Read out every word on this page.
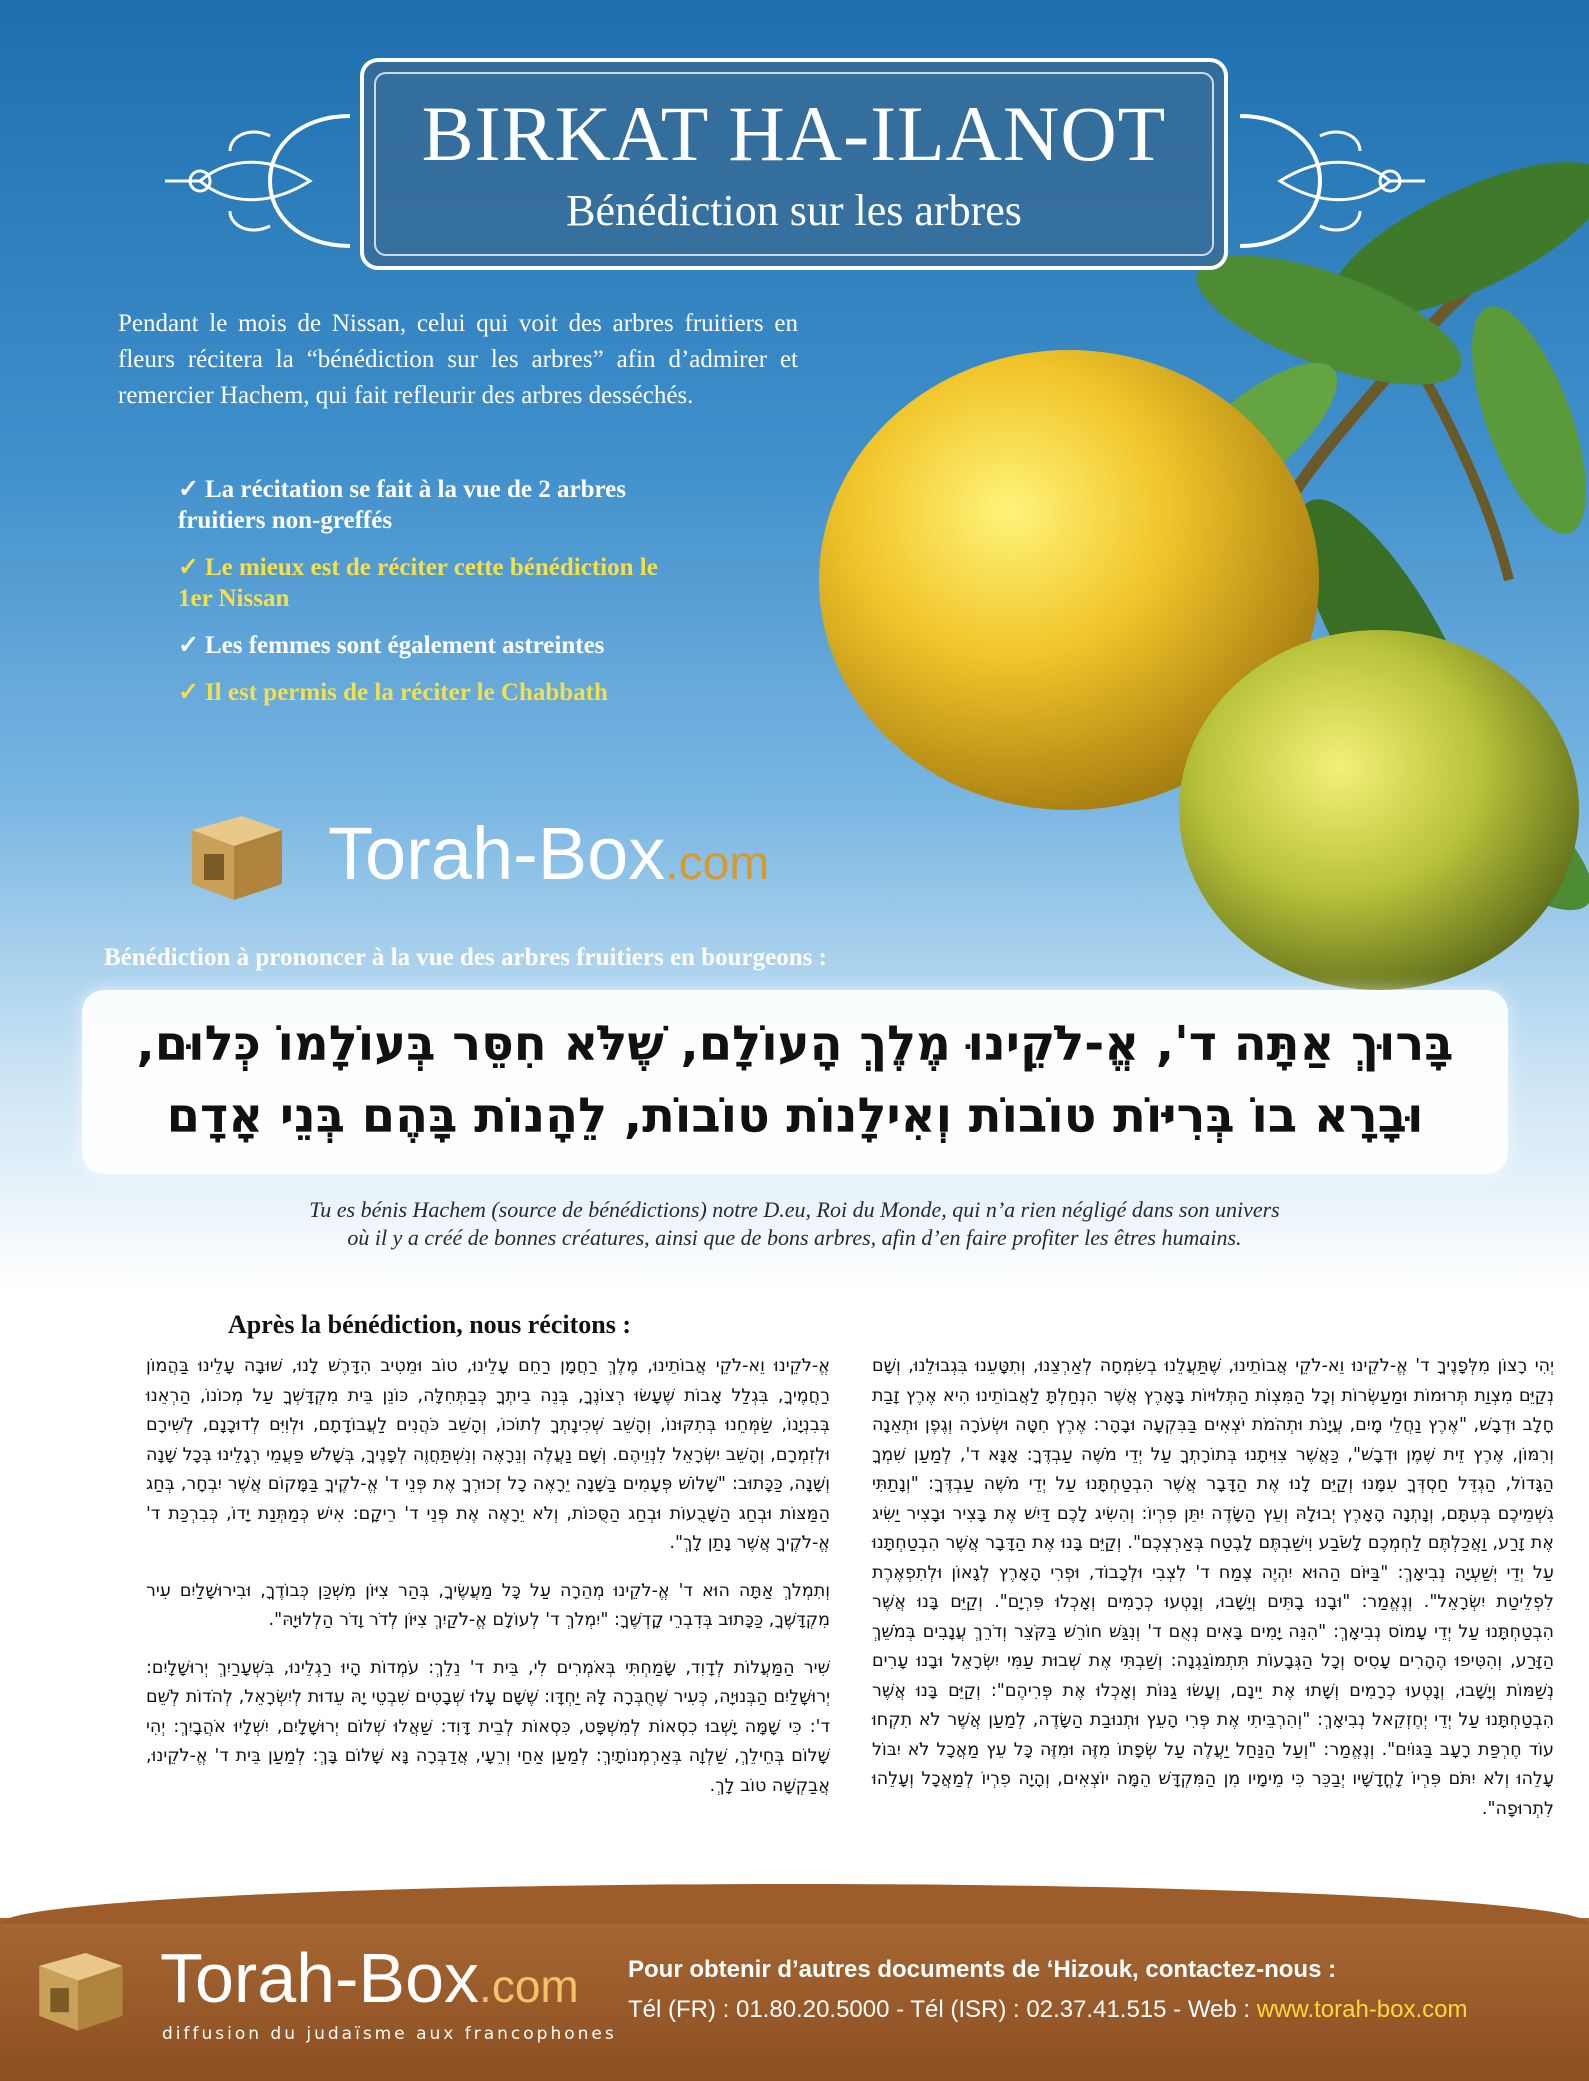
BIRKAT HA-ILANOT
Bénédiction sur les arbres
Pendant le mois de Nissan, celui qui voit des arbres fruitiers en fleurs récitera la “bénédiction sur les arbres” afin d’admirer et remercier Hachem, qui fait refleurir des arbres desséchés.
✓ La récitation se fait à la vue de 2 arbres fruitiers non-greffés
✓ Le mieux est de réciter cette bénédiction le 1er Nissan
✓ Les femmes sont également astreintes
✓ Il est permis de la réciter le Chabbath
Torah-Box.com
Bénédiction à prononcer à la vue des arbres fruitiers en bourgeons :
בָּרוּךְ אַתָּה ד', אֱ-לֹקֵינוּ מֶלֶךְ הָעוֹלָם, שֶׁלֹּא חִסֵּר בְּעוֹלָמוֹ כְּלוּם,
וּבָרָא בוֹ בְּרִיּוֹת טוֹבוֹת וְאִילָנוֹת טוֹבוֹת, לֵהָנוֹת בָּהֶם בְּנֵי אָדָם
Tu es bénis Hachem (source de bénédictions) notre D.eu, Roi du Monde, qui n’a rien négligé dans son univers
où il y a créé de bonnes créatures, ainsi que de bons arbres, afin d’en faire profiter les êtres humains.
Après la bénédiction, nous récitons :

אֱ-לֹקֵינוּ וֵא-לֹקֵי אֲבוֹתֵינוּ, מֶלֶךְ רַחֲמָן רַחֵם עָלֵינוּ, טוֹב וּמֵטִיב הִדָּרֶשׁ לָנוּ, שׁוּבָה עָלֵינוּ בַּהֲמוֹן רַחֲמֶיךָ, בִּגְלַל אָבוֹת שֶׁעָשׂוּ רְצוֹנֶךָ, בְּנֵה בֵיתְךָ כְּבַתְּחִלָּה, כּוֹנֵן בֵּית מִקְדָּשְׁךָ עַל מְכוֹנוֹ, הַרְאֵנוּ בְּבִנְיָנוֹ, שַׂמְּחֵנוּ בְּתִקּוּנוֹ, וְהָשֵׁב שְׁכִינָתְךָ לְתוֹכוֹ, וְהָשֵׁב כֹּהֲנִים לַעֲבוֹדָתָם, וּלְוִיִּם לְדוּכָנָם, לְשִׁירָם וּלְזִמְרָם, וְהָשֵׁב יִשְׂרָאֵל לִנְוֵיהֶם. וְשָׁם נַעֲלֶה וְנֵרָאֶה וְנִשְׁתַּחֲוֶה לְפָנֶיךָ, בְּשָׁלֹשׁ פַּעֲמֵי רְגָלֵינוּ בְּכָל שָׁנָה וְשָׁנָה, כַּכָּתוּב: "שָׁלוֹשׁ פְּעָמִים בַּשָּׁנָה יֵרָאֶה כָל זְכוּרְךָ אֶת פְּנֵי ד' אֱ-לֹקֶיךָ בַּמָּקוֹם אֲשֶׁר יִבְחָר, בְּחַג הַמַּצּוֹת וּבְחַג הַשָּׁבֻעוֹת וּבְחַג הַסֻּכּוֹת, וְלֹא יֵרָאֶה אֶת פְּנֵי ד' רֵיקָם: אִישׁ כְּמַתְּנַת יָדוֹ, כְּבִרְכַּת ד' אֱ-לֹקֶיךָ אֲשֶׁר נָתַן לָךְ".

וְתִמְלֹךְ אַתָּה הוּא ד' אֱ-לֹקֵינוּ מְהֵרָה עַל כָּל מַעֲשֶׂיךָ, בְּהַר צִיּוֹן מִשְׁכַּן כְּבוֹדֶךָ, וּבִירוּשָׁלַיִם עִיר מִקְדָּשֶׁךָ, כַּכָּתוּב בְּדִבְרֵי קָדְשֶׁךָ: "יִמְלֹךְ ד' לְעוֹלָם אֱ-לֹקַיִךְ צִיּוֹן לְדֹר וָדֹר הַלְלוּיָהּ".

שִׁיר הַמַּעֲלוֹת לְדָוִד, שָׂמַחְתִּי בְּאֹמְרִים לִי, בֵּית ד' נֵלֵךְ: עֹמְדוֹת הָיוּ רַגְלֵינוּ, בִּשְׁעָרַיִךְ יְרוּשָׁלָיִם: יְרוּשָׁלַיִם הַבְּנוּיָה, כְּעִיר שֶׁחֻבְּרָה לָּהּ יַחְדָּו: שֶׁשָּׁם עָלוּ שְׁבָטִים שִׁבְטֵי יָהּ עֵדוּת לְיִשְׂרָאֵל, לְהֹדוֹת לְשֵׁם ד': כִּי שָׁמָּה יָשְׁבוּ כִסְאוֹת לְמִשְׁפָּט, כִּסְאוֹת לְבֵית דָּוִד: שַׁאֲלוּ שְׁלוֹם יְרוּשָׁלָיִם, יִשְׁלָיוּ אֹהֲבָיִךְ: יְהִי שָׁלוֹם בְּחֵילֵךְ, שַׁלְוָה בְּאַרְמְנוֹתָיִךְ: לְמַעַן אַחַי וְרֵעָי, אֲדַבְּרָה נָּא שָׁלוֹם בָּךְ: לְמַעַן בֵּית ד' אֱ-לֹקֵינוּ, אֲבַקְשָׁה טוֹב לָךְ.

יְהִי רָצוֹן מִלְּפָנֶיךָ ד' אֱ-לֹקֵינוּ וֵא-לֹקֵי אֲבוֹתֵינוּ, שֶׁתַּעֲלֵנוּ בְשִׂמְחָה לְאַרְצֵנוּ, וְתִטָּעֵנוּ בִּגְבוּלֵנוּ, וְשָׁם נְקַיֵּם מִצְוַת תְּרוּמוֹת וּמַעַשְׂרוֹת וְכָל הַמִּצְוֹת הַתְּלוּיוֹת בָּאָרֶץ אֲשֶׁר הִנְחַלְתָּ לַאֲבוֹתֵינוּ הִיא אֶרֶץ זָבַת חָלָב וּדְבָשׁ, "אֶרֶץ נַחֲלֵי מָיִם, עֲיָנֹת וּתְהֹמֹת יֹצְאִים בַּבִּקְעָה וּבָהָר: אֶרֶץ חִטָּה וּשְׂעֹרָה וְגֶפֶן וּתְאֵנָה וְרִמּוֹן, אֶרֶץ זֵית שֶׁמֶן וּדְבָשׁ", כַּאֲשֶׁר צִוִּיתָנוּ בְּתוֹרָתְךָ עַל יְדֵי מֹשֶׁה עַבְדֶּךָ: אָנָּא ד', לְמַעַן שִׁמְךָ הַגָּדוֹל, הַגְדֵּל חַסְדְּךָ עִמָּנוּ וְקַיֵּם לָנוּ אֶת הַדָּבָר אֲשֶׁר הִבְטַחְתָּנוּ עַל יְדֵי מֹשֶׁה עַבְדֶּךָ: "וְנָתַתִּי גִשְׁמֵיכֶם בְּעִתָּם, וְנָתְנָה הָאָרֶץ יְבוּלָהּ וְעֵץ הַשָּׂדֶה יִתֵּן פִּרְיוֹ: וְהִשִּׂיג לָכֶם דַּיִשׁ אֶת בָּצִיר וּבָצִיר יַשִּׂיג אֶת זָרַע, וַאֲכַלְתֶּם לַחְמְכֶם לָשֹׂבַע וִישַׁבְתֶּם לָבֶטַח בְּאַרְצְכֶם". וְקַיֵּם בָּנוּ אֶת הַדָּבָר אֲשֶׁר הִבְטַחְתָּנוּ עַל יְדֵי יְשַׁעְיָה נְבִיאָךְ: "בַּיּוֹם הַהוּא יִהְיֶה צֶמַח ד' לִצְבִי וּלְכָבוֹד, וּפְרִי הָאָרֶץ לְגָאוֹן וּלְתִפְאֶרֶת לִפְלֵיטַת יִשְׂרָאֵל". וְנֶאֱמַר: "וּבָנוּ בָתִּים וְיָשָׁבוּ, וְנָטְעוּ כְרָמִים וְאָכְלוּ פִּרְיָם". וְקַיֵּם בָּנוּ אֲשֶׁר הִבְטַחְתָּנוּ עַל יְדֵי עָמוֹס נְבִיאָךְ: "הִנֵּה יָמִים בָּאִים נְאֻם ד' וְנִגַּשׁ חוֹרֵשׁ בַּקֹּצֵר וְדֹרֵךְ עֲנָבִים בְּמֹשֵׁךְ הַזָּרַע, וְהִטִּיפוּ הֶהָרִים עָסִיס וְכָל הַגְּבָעוֹת תִּתְמוֹגַגְנָה: וְשַׁבְתִּי אֶת שְׁבוּת עַמִּי יִשְׂרָאֵל וּבָנוּ עָרִים נְשַׁמּוֹת וְיָשָׁבוּ, וְנָטְעוּ כְרָמִים וְשָׁתוּ אֶת יֵינָם, וְעָשׂוּ גַנּוֹת וְאָכְלוּ אֶת פְּרִיהֶם": וְקַיֵּם בָּנוּ אֲשֶׁר הִבְטַחְתָּנוּ עַל יְדֵי יְחֶזְקֵאל נְבִיאָךְ: "וְהִרְבֵּיתִי אֶת פְּרִי הָעֵץ וּתְנוּבַת הַשָּׂדֶה, לְמַעַן אֲשֶׁר לֹא תִקְחוּ עוֹד חֶרְפַּת רָעָב בַּגּוֹיִם". וְנֶאֱמַר: "וְעַל הַנַּחַל יַעֲלֶה עַל שְׂפָתוֹ מִזֶּה וּמִזֶּה כָּל עֵץ מַאֲכָל לֹא יִבּוֹל עָלֵהוּ וְלֹא יִתֹּם פִּרְיוֹ לָחֳדָשָׁיו יְבַכֵּר כִּי מֵימָיו מִן הַמִּקְדָּשׁ הֵמָּה יוֹצְאִים, וְהָיָה פִרְיוֹ לְמַאֲכָל וְעָלֵהוּ לִתְרוּפָה".

Torah-Box.com
diffusion du judaïsme aux francophones
Pour obtenir d’autres documents de ‘Hizouk, contactez-nous :
Tél (FR) : 01.80.20.5000 - Tél (ISR) : 02.37.41.515 - Web : www.torah-box.com
